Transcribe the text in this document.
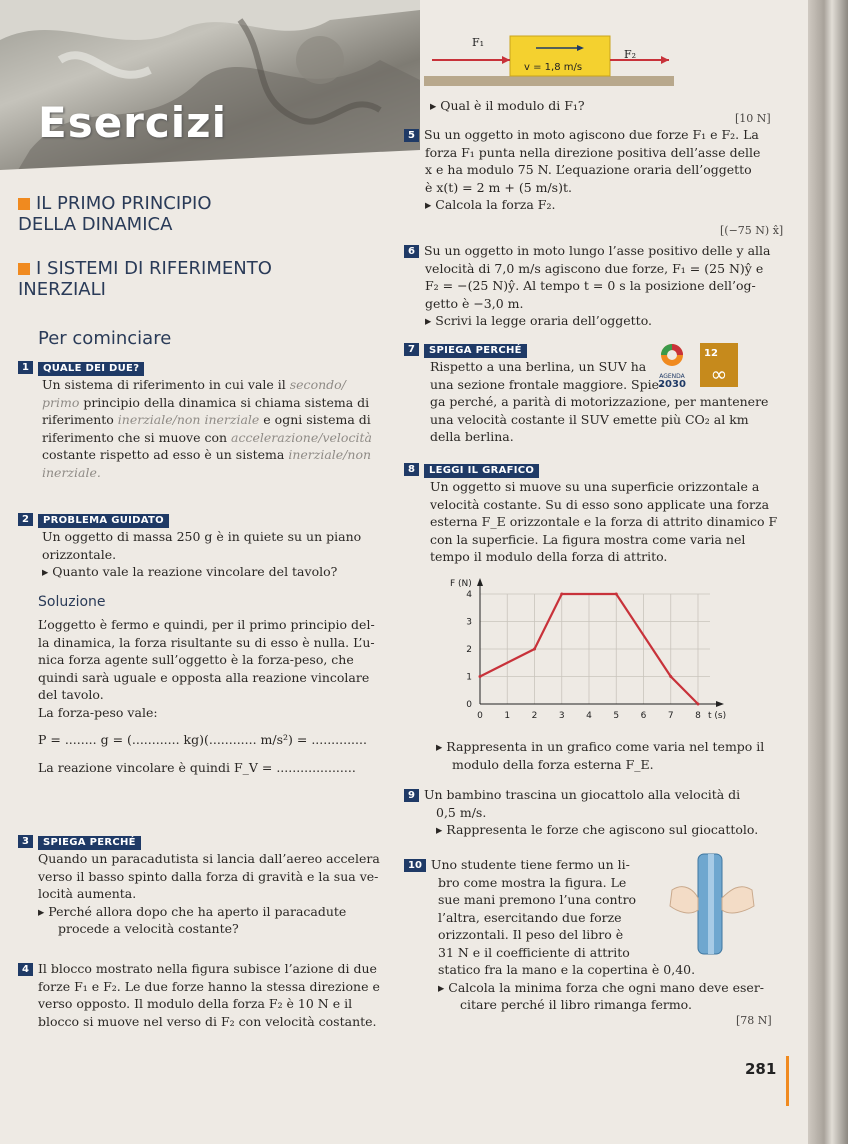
Esercizi
F₁
F₂
v = 1,8 m/s
▸ Qual è il modulo di F₁?
[10 N]
5 Su un oggetto in moto agiscono due forze F₁ e F₂. La
forza F₁ punta nella direzione positiva dell’asse delle
x e ha modulo 75 N. L’equazione oraria dell’oggetto
è x(t) = 2 m + (5 m/s)t.
▸ Calcola la forza F₂.
[(−75 N) x̂]
6 Su un oggetto in moto lungo l’asse positivo delle y alla
velocità di 7,0 m/s agiscono due forze, F₁ = (25 N)ŷ e
F₂ = −(25 N)ŷ. Al tempo t = 0 s la posizione dell’og-
getto è −3,0 m.
▸ Scrivi la legge oraria dell’oggetto.
7 SPIEGA PERCHÉ
Rispetto a una berlina, un SUV ha
una sezione frontale maggiore. Spie-
ga perché, a parità di motorizzazione, per mantenere
una velocità costante il SUV emette più CO₂ al km
della berlina.
AGENDA
2030
12
∞
8 LEGGI IL GRAFICO
Un oggetto si muove su una superficie orizzontale a
velocità costante. Su di esso sono applicate una forza
esterna F_E orizzontale e la forza di attrito dinamico F
con la superficie. La figura mostra come varia nel
tempo il modulo della forza di attrito.
0 1 2 3 4 5 6 7 8
0
1
2
3
4
t (s)
F (N)
▸ Rappresenta in un grafico come varia nel tempo il
modulo della forza esterna F_E.
9 Un bambino trascina un giocattolo alla velocità di
0,5 m/s.
▸ Rappresenta le forze che agiscono sul giocattolo.
10 Uno studente tiene fermo un li-
bro come mostra la figura. Le
sue mani premono l’una contro
l’altra, esercitando due forze
orizzontali. Il peso del libro è
31 N e il coefficiente di attrito
statico fra la mano e la copertina è 0,40.
▸ Calcola la minima forza che ogni mano deve eser-
citare perché il libro rimanga fermo.
[78 N]
IL PRIMO PRINCIPIO
DELLA DINAMICA
I SISTEMI DI RIFERIMENTO
INERZIALI
Per cominciare
1 QUALE DEI DUE?
Un sistema di riferimento in cui vale il secondo/
primo principio della dinamica si chiama sistema di
riferimento inerziale/non inerziale e ogni sistema di
riferimento che si muove con accelerazione/velocità
costante rispetto ad esso è un sistema inerziale/non
inerziale.
2 PROBLEMA GUIDATO
Un oggetto di massa 250 g è in quiete su un piano
orizzontale.
▸ Quanto vale la reazione vincolare del tavolo?
Soluzione
L’oggetto è fermo e quindi, per il primo principio del-
la dinamica, la forza risultante su di esso è nulla. L’u-
nica forza agente sull’oggetto è la forza-peso, che
quindi sarà uguale e opposta alla reazione vincolare
del tavolo.
La forza-peso vale:
P = ........ g = (............ kg)(............ m/s²) = ..............
La reazione vincolare è quindi F_V = ....................
3 SPIEGA PERCHÉ
Quando un paracadutista si lancia dall’aereo accelera
verso il basso spinto dalla forza di gravità e la sua ve-
locità aumenta.
▸ Perché allora dopo che ha aperto il paracadute
procede a velocità costante?
4 Il blocco mostrato nella figura subisce l’azione di due
forze F₁ e F₂. Le due forze hanno la stessa direzione e
verso opposto. Il modulo della forza F₂ è 10 N e il
blocco si muove nel verso di F₂ con velocità costante.
281
